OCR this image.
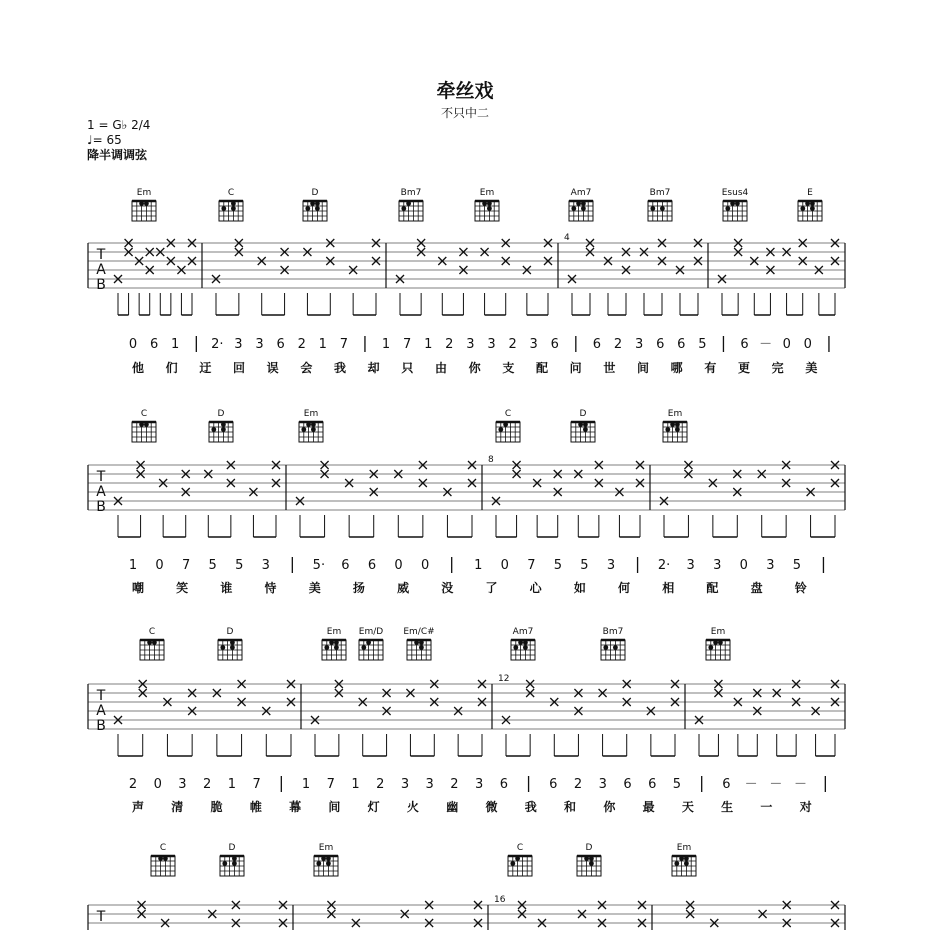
牵丝戏
不只中二
1 = G♭ 2/4
♩= 65
降半调调弦
Em	C	D	Bm7	Em	Am7	Bm7	Esus4	E
T
A
B
4
0 6 1 | 2· 3 3 6 2 1 7 | 1 7 1 2 3 3 2 3 6 | 6 2 3 6 6 5 | 6 － 0 0 |
他 们 迂 回 误 会 我 却 只 由 你 支 配 问 世 间 哪 有 更 完 美
C	D	Em	C	D	Em
T
A
B
8
1 0 7 5 5 3 | 5· 6 6 0 0 | 1 0 7 5 5 3 | 2· 3 3 0 3 5 |
嘲	笑	谁	恃	美	扬	威	没	了	心	如	何	相	配	盘	铃
C	D	Em Em/D Em/C#	Am7	Bm7	Em
T
A
B
12
2 0 3 2 1 7 | 1 7 1 2 3 3 2 3 6 | 6 2 3 6 6 5 | 6 － － － |
声 清 脆 帷 幕 间 灯 火 幽 微 我 和 你 最 天 生 一 对
C	D	Em	C	D	Em
T
16
